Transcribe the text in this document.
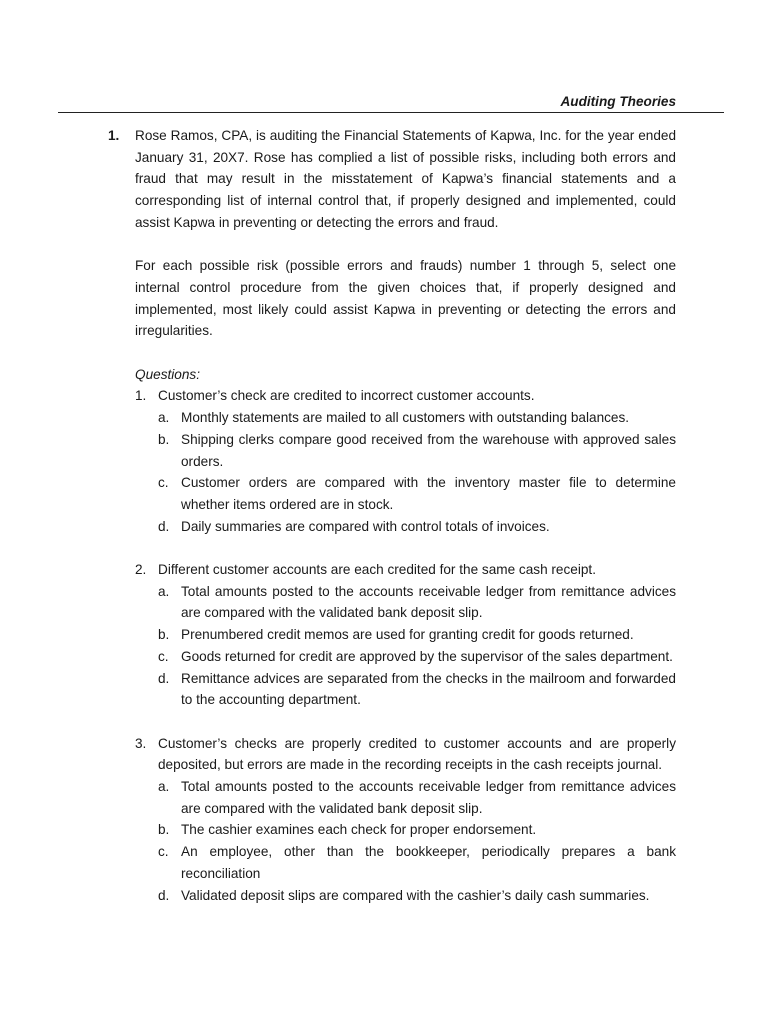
Auditing Theories
1. Rose Ramos, CPA, is auditing the Financial Statements of Kapwa, Inc. for the year ended January 31, 20X7. Rose has complied a list of possible risks, including both errors and fraud that may result in the misstatement of Kapwa’s financial statements and a corresponding list of internal control that, if properly designed and implemented, could assist Kapwa in preventing or detecting the errors and fraud.

For each possible risk (possible errors and frauds) number 1 through 5, select one internal control procedure from the given choices that, if properly designed and implemented, most likely could assist Kapwa in preventing or detecting the errors and irregularities.

Questions:
1. Customer’s check are credited to incorrect customer accounts.
a. Monthly statements are mailed to all customers with outstanding balances.
b. Shipping clerks compare good received from the warehouse with approved sales orders.
c. Customer orders are compared with the inventory master file to determine whether items ordered are in stock.
d. Daily summaries are compared with control totals of invoices.
2. Different customer accounts are each credited for the same cash receipt.
a. Total amounts posted to the accounts receivable ledger from remittance advices are compared with the validated bank deposit slip.
b. Prenumbered credit memos are used for granting credit for goods returned.
c. Goods returned for credit are approved by the supervisor of the sales department.
d. Remittance advices are separated from the checks in the mailroom and forwarded to the accounting department.
3. Customer’s checks are properly credited to customer accounts and are properly deposited, but errors are made in the recording receipts in the cash receipts journal.
a. Total amounts posted to the accounts receivable ledger from remittance advices are compared with the validated bank deposit slip.
b. The cashier examines each check for proper endorsement.
c. An employee, other than the bookkeeper, periodically prepares a bank reconciliation
d. Validated deposit slips are compared with the cashier’s daily cash summaries.
